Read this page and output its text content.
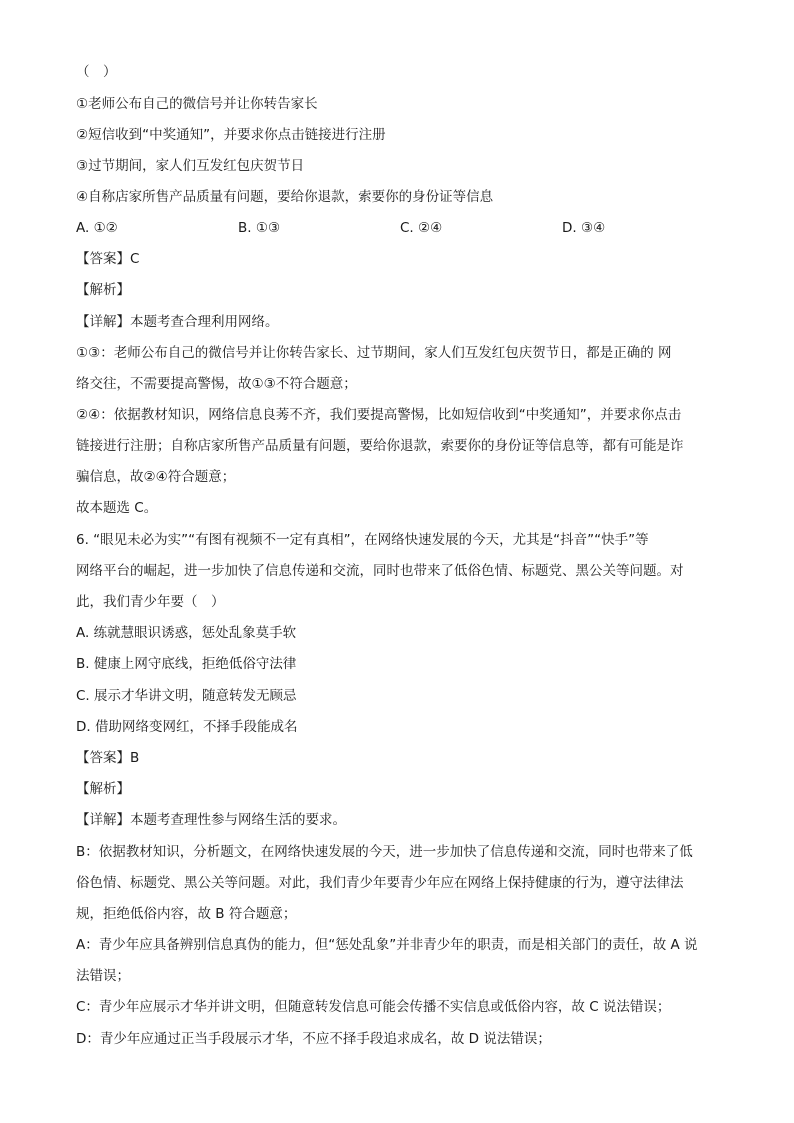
（　）
①老师公布自己的微信号并让你转告家长
②短信收到“中奖通知”，并要求你点击链接进行注册
③过节期间，家人们互发红包庆贺节日
④自称店家所售产品质量有问题，要给你退款，索要你的身份证等信息
A. ①②	B. ①③	C. ②④	D. ③④
【答案】C
【解析】
【详解】本题考查合理利用网络。
①③：老师公布自己的微信号并让你转告家长、过节期间，家人们互发红包庆贺节日，都是正确的 网
络交往，不需要提高警惕，故①③不符合题意；
②④：依据教材知识，网络信息良莠不齐，我们要提高警惕，比如短信收到“中奖通知”，并要求你点击
链接进行注册；自称店家所售产品质量有问题，要给你退款，索要你的身份证等信息等，都有可能是诈
骗信息，故②④符合题意；
故本题选 C。
6. “眼见未必为实”“有图有视频不一定有真相”，在网络快速发展的今天，尤其是“抖音”“快手”等
网络平台的崛起，进一步加快了信息传递和交流，同时也带来了低俗色情、标题党、黑公关等问题。对
此，我们青少年要（　）
A. 练就慧眼识诱惑，惩处乱象莫手软
B. 健康上网守底线，拒绝低俗守法律
C. 展示才华讲文明，随意转发无顾忌
D. 借助网络变网红，不择手段能成名
【答案】B
【解析】
【详解】本题考查理性参与网络生活的要求。
B：依据教材知识，分析题文，在网络快速发展的今天，进一步加快了信息传递和交流，同时也带来了低
俗色情、标题党、黑公关等问题。对此，我们青少年要青少年应在网络上保持健康的行为，遵守法律法
规，拒绝低俗内容，故 B 符合题意；
A：青少年应具备辨别信息真伪的能力，但“惩处乱象”并非青少年的职责，而是相关部门的责任，故 A 说
法错误；
C：青少年应展示才华并讲文明，但随意转发信息可能会传播不实信息或低俗内容，故 C 说法错误；
D：青少年应通过正当手段展示才华，不应不择手段追求成名，故 D 说法错误；
